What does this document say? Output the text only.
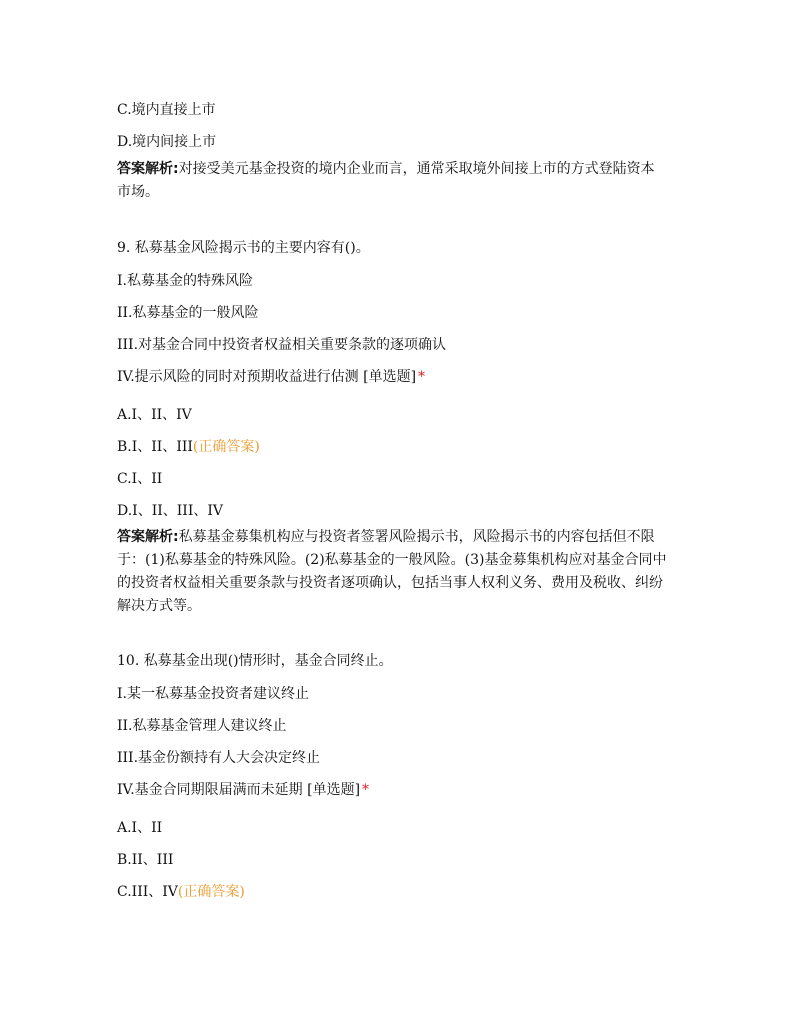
C.境内直接上市
D.境内间接上市
答案解析:对接受美元基金投资的境内企业而言，通常采取境外间接上市的方式登陆资本市场。
9. 私募基金风险揭示书的主要内容有()。
I.私募基金的特殊风险
II.私募基金的一般风险
III.对基金合同中投资者权益相关重要条款的逐项确认
IV.提示风险的同时对预期收益进行估测 [单选题] *
A.I、II、IV
B.I、II、III(正确答案)
C.I、II
D.I、II、III、IV
答案解析:私募基金募集机构应与投资者签署风险揭示书，风险揭示书的内容包括但不限于：(1)私募基金的特殊风险。(2)私募基金的一般风险。(3)基金募集机构应对基金合同中的投资者权益相关重要条款与投资者逐项确认，包括当事人权利义务、费用及税收、纠纷解决方式等。
10. 私募基金出现()情形时，基金合同终止。
I.某一私募基金投资者建议终止
II.私募基金管理人建议终止
III.基金份额持有人大会决定终止
IV.基金合同期限届满而未延期 [单选题] *
A.I、II
B.II、III
C.III、IV(正确答案)
